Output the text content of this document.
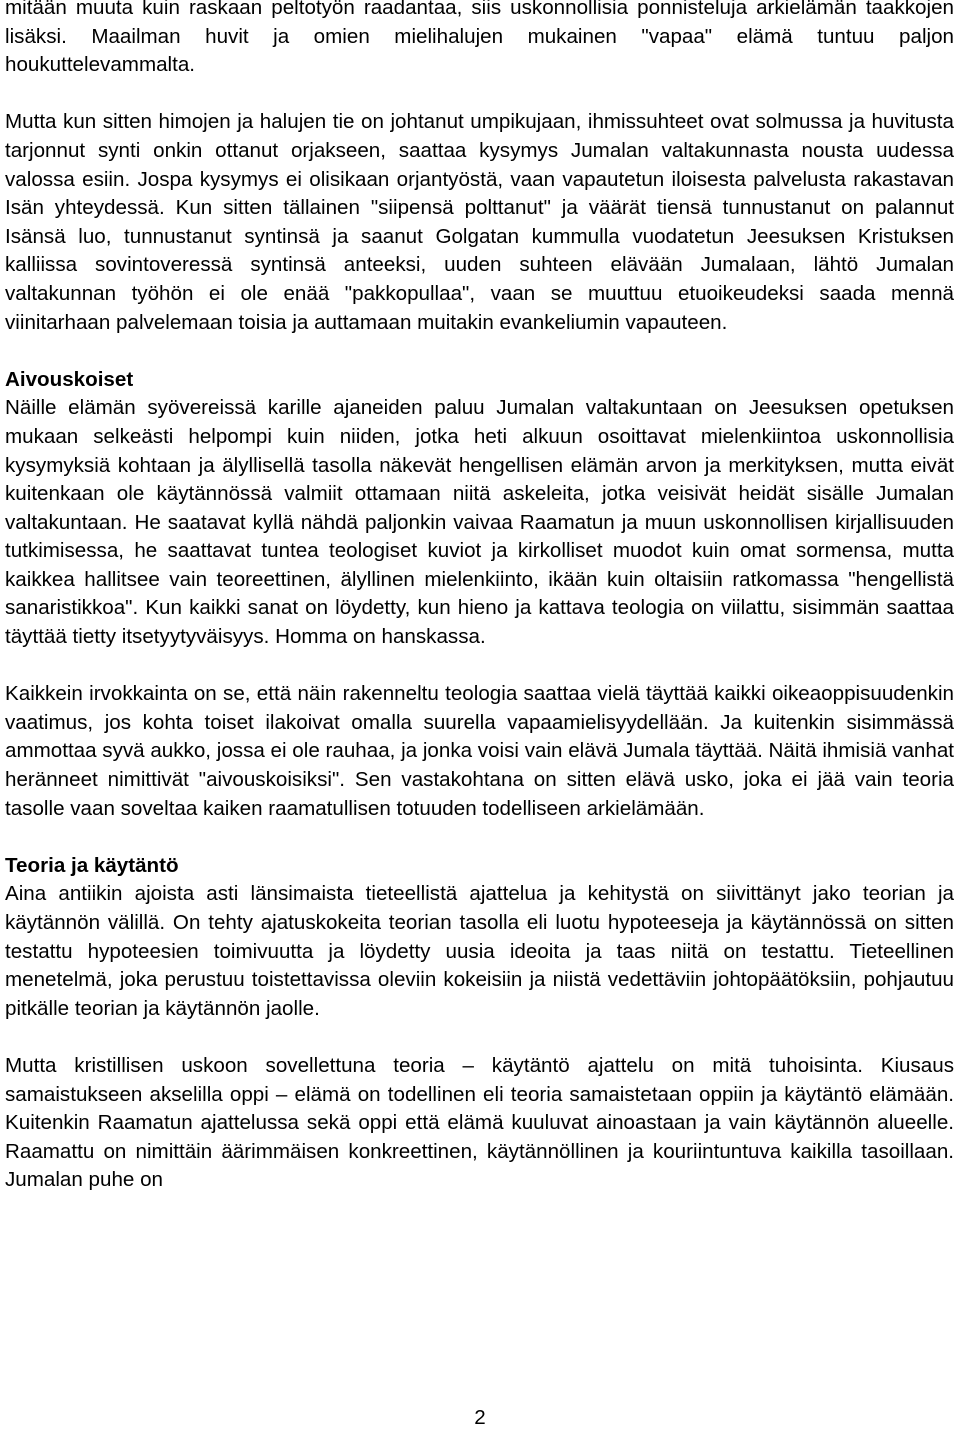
mitään muuta kuin raskaan peltotyön raadantaa, siis uskonnollisia ponnisteluja arkielämän taakkojen lisäksi. Maailman huvit ja omien mielihalujen mukainen "vapaa" elämä tuntuu paljon houkuttelevammalta.

Mutta kun sitten himojen ja halujen tie on johtanut umpikujaan, ihmissuhteet ovat solmussa ja huvitusta tarjonnut synti onkin ottanut orjakseen, saattaa kysymys Jumalan valtakunnasta nousta uudessa valossa esiin. Jospa kysymys ei olisikaan orjantyöstä, vaan vapautetun iloisesta palvelusta rakastavan Isän yhteydessä. Kun sitten tällainen "siipensä polttanut" ja väärät tiensä tunnustanut on palannut Isänsä luo, tunnustanut syntinsä ja saanut Golgatan kummulla vuodatetun Jeesuksen Kristuksen kalliissa sovintoveressä syntinsä anteeksi, uuden suhteen elävään Jumalaan, lähtö Jumalan valtakunnan työhön ei ole enää "pakkopullaa", vaan se muuttuu etuoikeudeksi saada mennä viinitarhaan palvelemaan toisia ja auttamaan muitakin evankeliumin vapauteen.

Aivouskoiset
Näille elämän syövereissä karille ajaneiden paluu Jumalan valtakuntaan on Jeesuksen opetuksen mukaan selkeästi helpompi kuin niiden, jotka heti alkuun osoittavat mielenkiintoa uskonnollisia kysymyksiä kohtaan ja älyllisellä tasolla näkevät hengellisen elämän arvon ja merkityksen, mutta eivät kuitenkaan ole käytännössä valmiit ottamaan niitä askeleita, jotka veisivät heidät sisälle Jumalan valtakuntaan. He saatavat kyllä nähdä paljonkin vaivaa Raamatun ja muun uskonnollisen kirjallisuuden tutkimisessa, he saattavat tuntea teologiset kuviot ja kirkolliset muodot kuin omat sormensa, mutta kaikkea hallitsee vain teoreettinen, älyllinen mielenkiinto, ikään kuin oltaisiin ratkomassa "hengellistä sanaristikkoa". Kun kaikki sanat on löydetty, kun hieno ja kattava teologia on viilattu, sisimmän saattaa täyttää tietty itsetyytyväisyys. Homma on hanskassa.

Kaikkein irvokkainta on se, että näin rakenneltu teologia saattaa vielä täyttää kaikki oikeaoppisuudenkin vaatimus, jos kohta toiset ilakoivat omalla suurella vapaamielisyydellään. Ja kuitenkin sisimmässä ammottaa syvä aukko, jossa ei ole rauhaa, ja jonka voisi vain elävä Jumala täyttää. Näitä ihmisiä vanhat heränneet nimittivät "aivouskoisiksi". Sen vastakohtana on sitten elävä usko, joka ei jää vain teoria tasolle vaan soveltaa kaiken raamatullisen totuuden todelliseen arkielämään.

Teoria ja käytäntö
Aina antiikin ajoista asti länsimaista tieteellistä ajattelua ja kehitystä on siivittänyt jako teorian ja käytännön välillä. On tehty ajatuskokeita teorian tasolla eli luotu hypoteeseja ja käytännössä on sitten testattu hypoteesien toimivuutta ja löydetty uusia ideoita ja taas niitä on testattu. Tieteellinen menetelmä, joka perustuu toistettavissa oleviin kokeisiin ja niistä vedettäviin johtopäätöksiin, pohjautuu pitkälle teorian ja käytännön jaolle.

Mutta kristillisen uskoon sovellettuna teoria – käytäntö ajattelu on mitä tuhoisinta. Kiusaus samaistukseen akselilla oppi – elämä on todellinen eli teoria samaistetaan oppiin ja käytäntö elämään. Kuitenkin Raamatun ajattelussa sekä oppi että elämä kuuluvat ainoastaan ja vain käytännön alueelle. Raamattu on nimittäin äärimmäisen konkreettinen, käytännöllinen ja kouriintuntuva kaikilla tasoillaan. Jumalan puhe on

2
